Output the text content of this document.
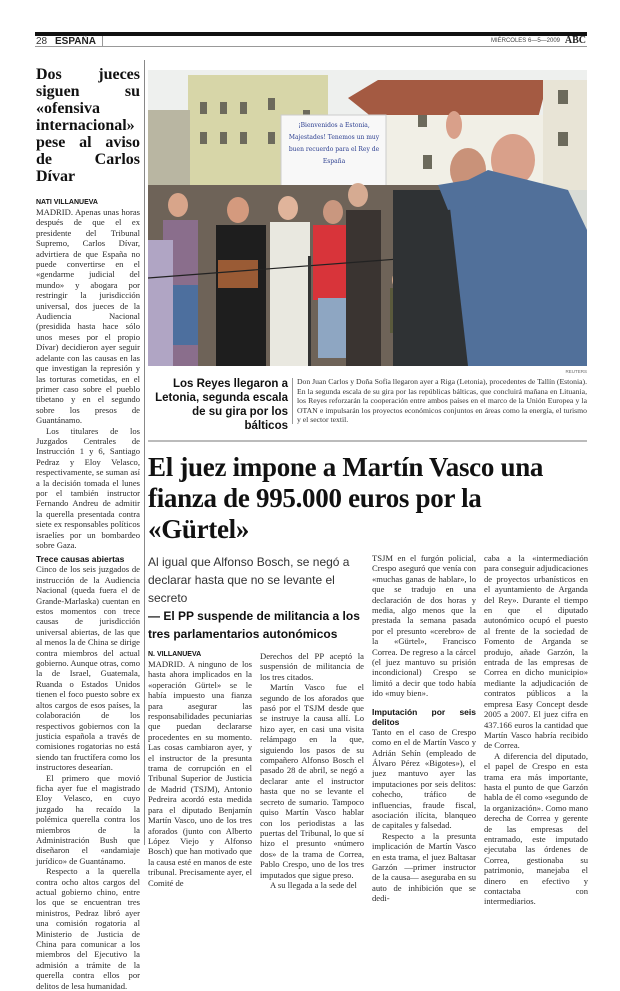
28 ESPAÑA	MIÉRCOLES 6—5—2009 ABC
Dos jueces siguen su «ofensiva internacional» pese al aviso de Carlos Dívar
NATI VILLANUEVA

MADRID. Apenas unas horas después de que el ex presidente del Tribunal Supremo, Carlos Dívar, advirtiera de que España no puede convertirse en el «gendarme judicial del mundo» y abogara por restringir la jurisdicción universal, dos jueces de la Audiencia Nacional (presidida hasta hace sólo unos meses por el propio Dívar) decidieron ayer seguir adelante con las causas en las que investigan la represión y las torturas cometidas, en el primer caso sobre el pueblo tibetano y en el segundo sobre los presos de Guantánamo.

Los titulares de los Juzgados Centrales de Instrucción 1 y 6, Santiago Pedraz y Eloy Velasco, respectivamente, se suman así a la decisión tomada el lunes por el también instructor Fernando Andreu de admitir la querella presentada contra siete ex responsables políticos israelíes por un bombardeo sobre Gaza.

Trece causas abiertas

Cinco de los seis juzgados de instrucción de la Audiencia Nacional (queda fuera el de Grande-Marlaska) cuentan en estos momentos con trece causas de jurisdicción universal abiertas, de las que al menos la de China se dirige contra miembros del actual gobierno. Aunque otras, como la de Israel, Guatemala, Ruanda o Estados Unidos tienen el foco puesto sobre ex altos cargos de esos países, la colaboración de los respectivos gobiernos con la justicia española a través de comisiones rogatorias no está siendo tan fructífera como los instructores desearían.

El primero que movió ficha ayer fue el magistrado Eloy Velasco, en cuyo juzgado ha recaído la polémica querella contra los miembros de la Administración Bush que diseñaron el «andamiaje jurídico» de Guantánamo.

Respecto a la querella contra ocho altos cargos del actual gobierno chino, entre los que se encuentran tres ministros, Pedraz libró ayer una comisión rogatoria al Ministerio de Justicia de China para comunicar a los miembros del Ejecutivo la admisión a trámite de la querella contra ellos por delitos de lesa humanidad.

¡Bienvenidos a Estonia, Majestades! Tenemos un muy buen recuerdo para el Rey de España
REUTERS
Los Reyes llegaron a Letonia, segunda escala de su gira por los bálticos
Don Juan Carlos y Doña Sofía llegaron ayer a Riga (Letonia), procedentes de Tallín (Estonia). En la segunda escala de su gira por las repúblicas bálticas, que concluirá mañana en Lituania, los Reyes reforzarán la cooperación entre ambos países en el marco de la Unión Europea y la OTAN e impulsarán los proyectos económicos conjuntos en áreas como la energía, el turismo y el sector textil.
El juez impone a Martín Vasco una fianza de 995.000 euros por la «Gürtel»
Al igual que Alfonso Bosch, se negó a declarar hasta que no se levante el secreto
— El PP suspende de militancia a los tres parlamentarios autonómicos
N. VILLANUEVA

MADRID. A ninguno de los hasta ahora implicados en la «operación Gürtel» se le había impuesto una fianza para asegurar las responsabilidades pecuniarias que puedan declararse procedentes en su momento. Las cosas cambiaron ayer, y el instructor de la presunta trama de corrupción en el Tribunal Superior de Justicia de Madrid (TSJM), Antonio Pedreira acordó esta medida para el diputado Benjamín Martín Vasco, uno de los tres aforados (junto con Alberto López Viejo y Alfonso Bosch) que han motivado que la causa esté en manos de este tribunal. Precisamente ayer, el Comité de

Derechos del PP aceptó la suspensión de militancia de los tres citados.

Martín Vasco fue el segundo de los aforados que pasó por el TSJM desde que se instruye la causa allí. Lo hizo ayer, en casi una visita relámpago en la que, siguiendo los pasos de su compañero Alfonso Bosch el pasado 28 de abril, se negó a declarar ante el instructor hasta que no se levante el secreto de sumario. Tampoco quiso Martín Vasco hablar con los periodistas a las puertas del Tribunal, lo que sí hizo el presunto «número dos» de la trama de Correa, Pablo Crespo, uno de los tres imputados que sigue preso.

A su llegada a la sede del

TSJM en el furgón policial, Crespo aseguró que venía con «muchas ganas de hablar», lo que se tradujo en una declaración de dos horas y media, algo menos que la prestada la semana pasada por el presunto «cerebro» de la «Gürtel», Francisco Correa. De regreso a la cárcel (el juez mantuvo su prisión incondicional) Crespo se limitó a decir que todo había ido «muy bien».

Imputación por seis delitos

Tanto en el caso de Crespo como en el de Martín Vasco y Adrián Sehín (empleado de Álvaro Pérez «Bigotes»), el juez mantuvo ayer las imputaciones por seis delitos: cohecho, tráfico de influencias, fraude fiscal, asociación ilícita, blanqueo de capitales y falsedad.

Respecto a la presunta implicación de Martín Vasco en esta trama, el juez Baltasar Garzón —primer instructor de la causa— aseguraba en su auto de inhibición que se dedi-

caba a la «intermediación para conseguir adjudicaciones de proyectos urbanísticos en el ayuntamiento de Arganda del Rey». Durante el tiempo en que el diputado autonómico ocupó el puesto al frente de la sociedad de Fomento de Arganda se produjo, añade Garzón, la entrada de las empresas de Correa en dicho municipio» mediante la adjudicación de contratos públicos a la empresa Easy Concept desde 2005 a 2007. El juez cifra en 437.166 euros la cantidad que Martín Vasco habría recibido de Correa.

A diferencia del diputado, el papel de Crespo en esta trama era más importante, hasta el punto de que Garzón habla de él como «segundo de la organización». Como mano derecha de Correa y gerente de las empresas del entramado, este imputado ejecutaba las órdenes de Correa, gestionaba su patrimonio, manejaba el dinero en efectivo y contactaba con intermediarios.
